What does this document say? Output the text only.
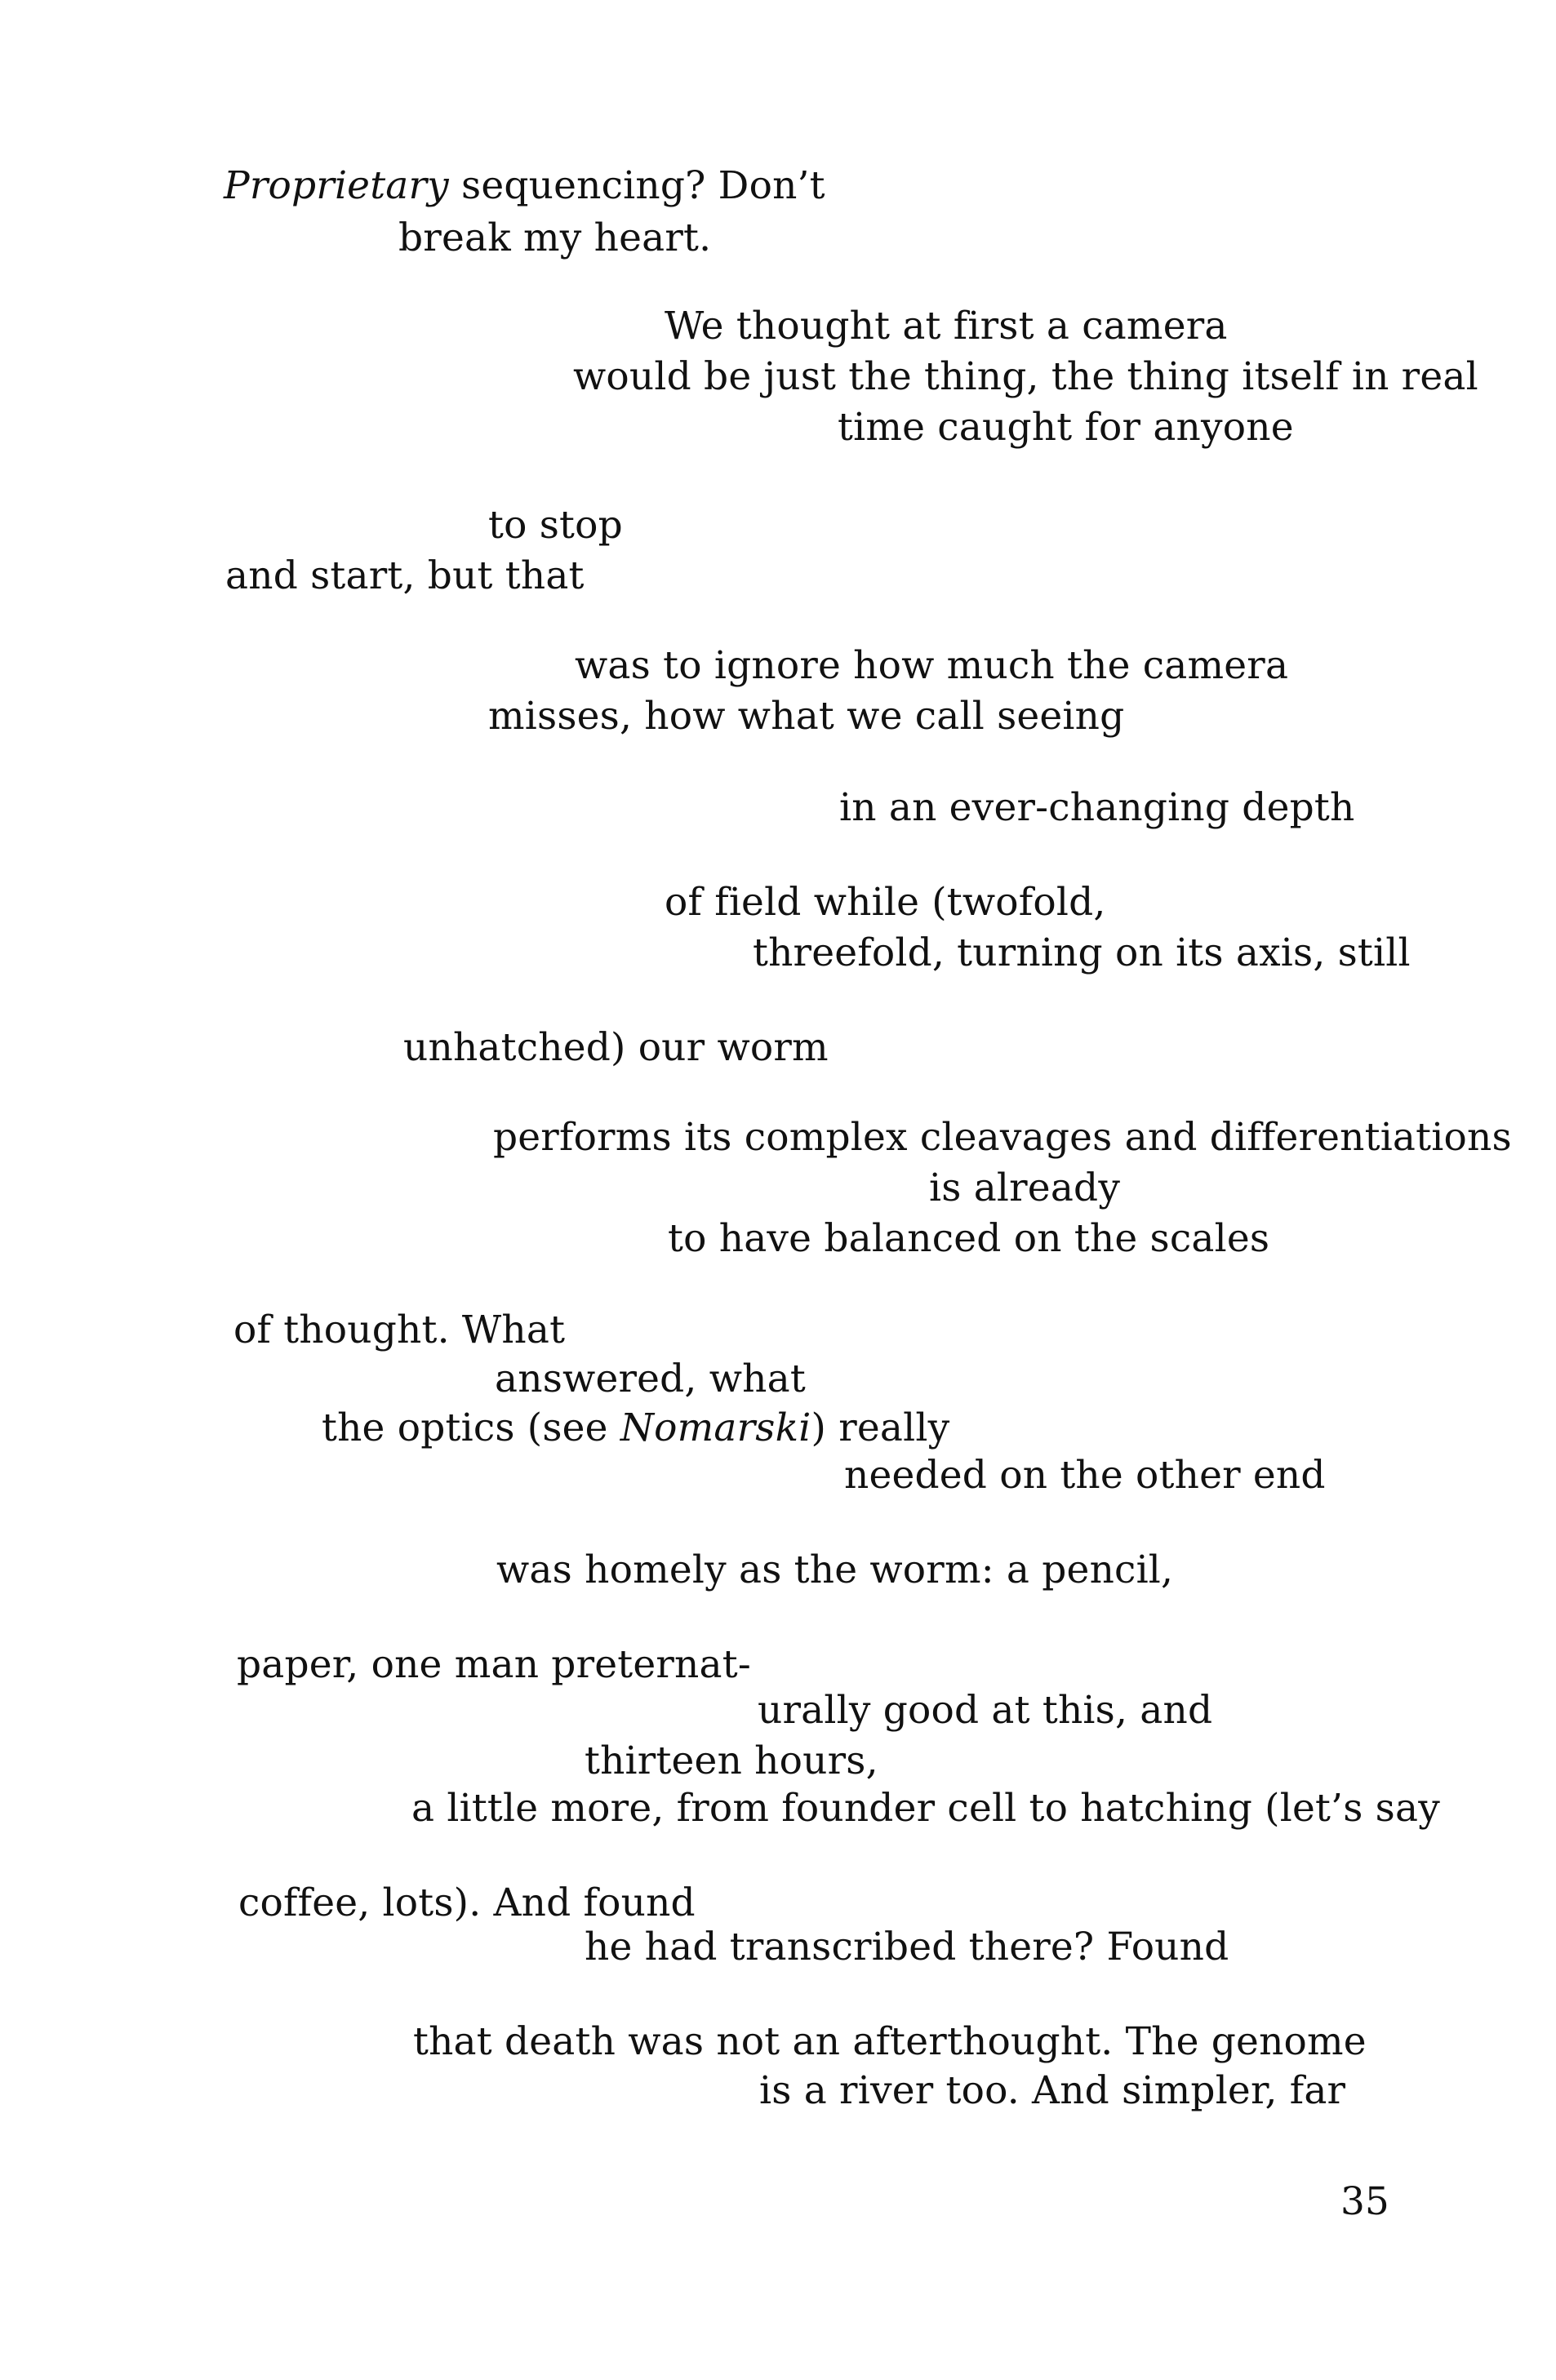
Proprietary sequencing? Don’t
break my heart.
We thought at first a camera
would be just the thing, the thing itself in real
time caught for anyone
to stop
and start, but that
was to ignore how much the camera
misses, how what we call seeing
in an ever-changing depth
of field while (twofold,
threefold, turning on its axis, still
unhatched) our worm
performs its complex cleavages and differentiations
is already
to have balanced on the scales
of thought. What
answered, what
the optics (see Nomarski) really
needed on the other end
was homely as the worm: a pencil,
paper, one man preternat-
urally good at this, and
thirteen hours,
a little more, from founder cell to hatching (let’s say
coffee, lots). And found
he had transcribed there? Found
that death was not an afterthought. The genome
is a river too. And simpler, far
35
